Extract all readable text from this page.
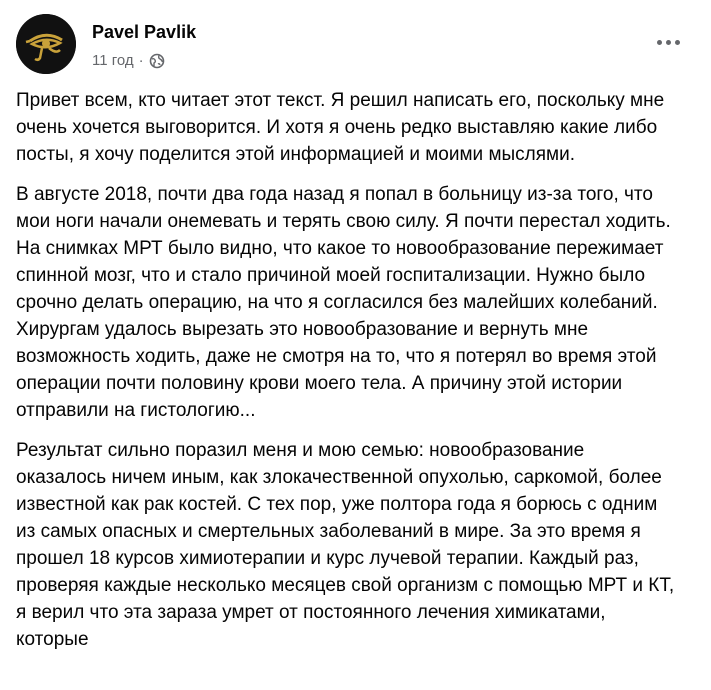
Pavel Pavlik
11 год ·

Привет всем, кто читает этот текст. Я решил написать его, поскольку мне очень хочется выговорится. И хотя я очень редко выставляю какие либо посты, я хочу поделится этой информацией и моими мыслями.

В августе 2018, почти два года назад я попал в больницу из-за того, что мои ноги начали онемевать и терять свою силу. Я почти перестал ходить. На снимках МРТ было видно, что какое то новообразование пережимает спинной мозг, что и стало причиной моей госпитализации. Нужно было срочно делать операцию, на что я согласился без малейших колебаний. Хирургам удалось вырезать это новообразование и вернуть мне возможность ходить, даже не смотря на то, что я потерял во время этой операции почти половину крови моего тела. А причину этой истории отправили на гистологию...

Результат сильно поразил меня и мою семью: новообразование оказалось ничем иным, как злокачественной опухолью, саркомой, более известной как рак костей. С тех пор, уже полтора года я борюсь с одним из самых опасных и смертельных заболеваний в мире. За это время я прошел 18 курсов химиотерапии и курс лучевой терапии. Каждый раз, проверяя каждые несколько месяцев свой организм с помощью МРТ и КТ, я верил что эта зараза умрет от постоянного лечения химикатами, которые
